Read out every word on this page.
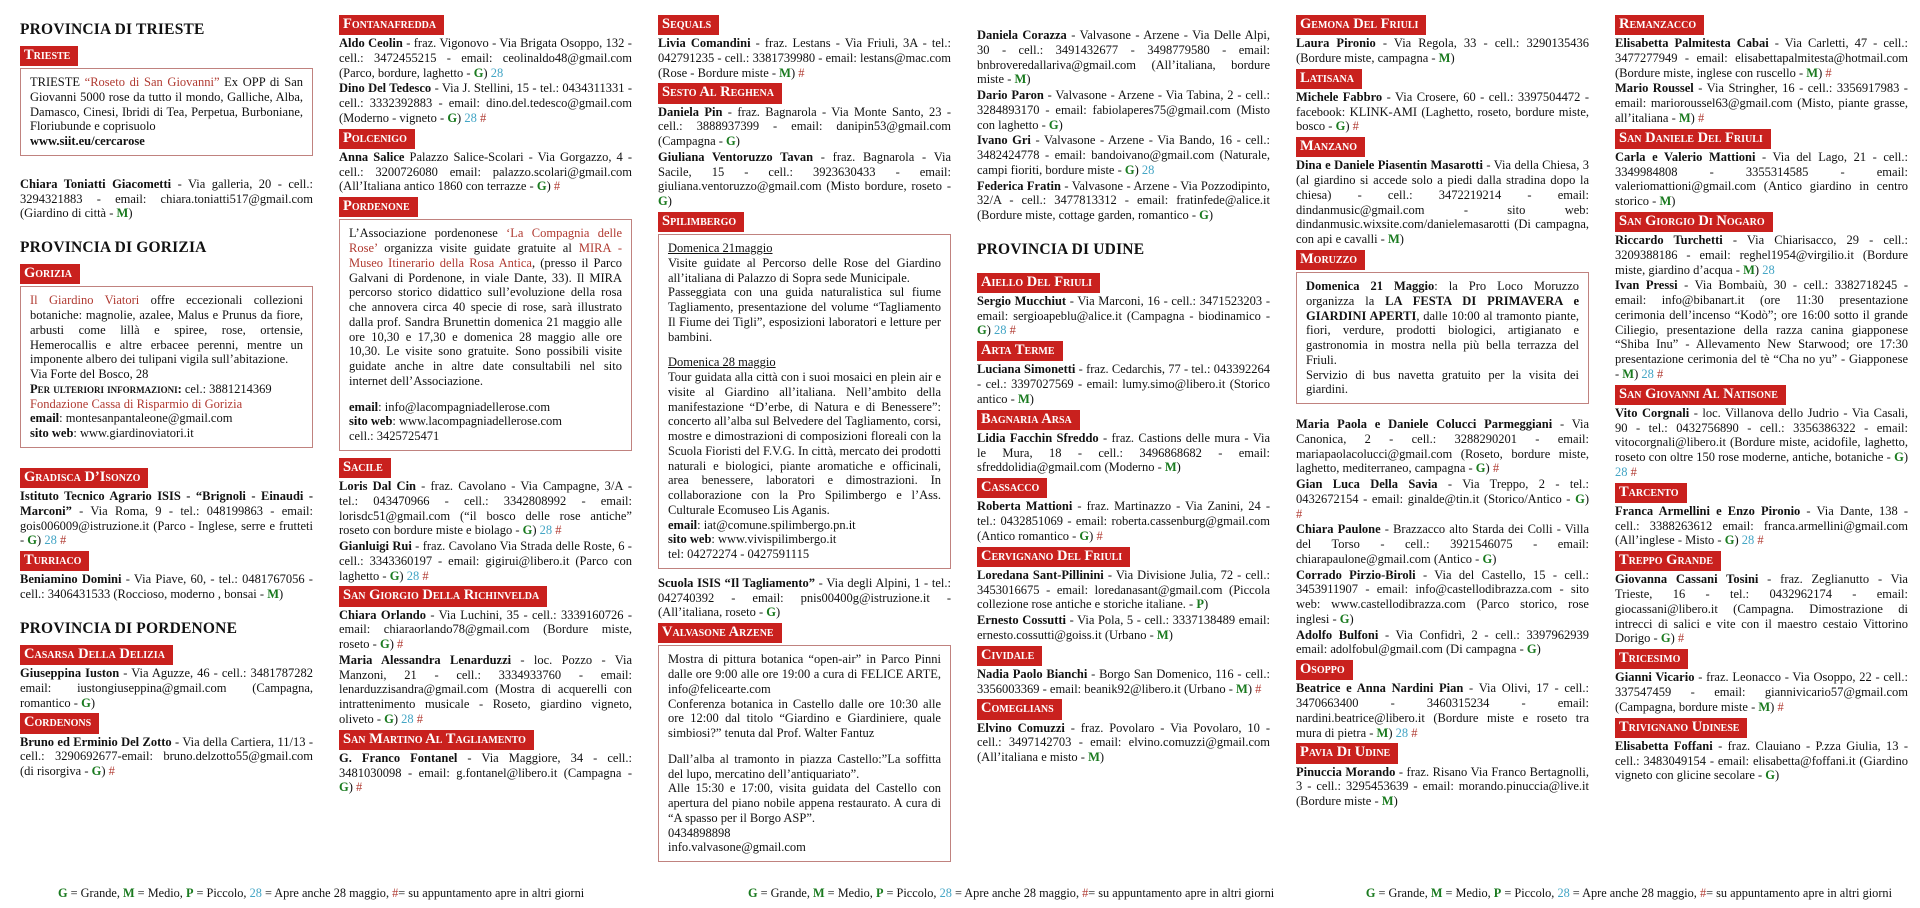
PROVINCIA DI TRIESTE
Trieste
TRIESTE “Roseto di San Giovanni” Ex OPP di San Giovanni 5000 rose da tutto il mondo, Galliche, Alba, Damasco, Cinesi, Ibridi di Tea, Perpetua, Burboniane, Floriubunde e coprisuolo
www.siit.eu/cercarose
Chiara Toniatti Giacometti - Via galleria, 20 - cell.: 3294321883 - email: chiara.toniatti517@gmail.com (Giardino di città - M)
PROVINCIA DI GORIZIA
Gorizia
Il Giardino Viatori offre eccezionali collezioni botaniche: magnolie, azalee, Malus e Prunus da fiore, arbusti come lillà e spiree, rose, ortensie, Hemerocallis e altre erbacee perenni, mentre un imponente albero dei tulipani vigila sull’abitazione.
Via Forte del Bosco, 28
Per ulteriori informazioni: cel.: 3881214369
Fondazione Cassa di Risparmio di Gorizia
email: montesanpantaleone@gmail.com
sito web: www.giardinoviatori.it
Gradisca D’Isonzo
Istituto Tecnico Agrario ISIS - “Brignoli - Einaudi - Marconi” - Via Roma, 9 - tel.: 048199863 - email: gois006009@istruzione.it (Parco - Inglese, serre e frutteti - G) 28 #
Turriaco
Beniamino Domini - Via Piave, 60, - tel.: 0481767056 - cell.: 3406431533 (Roccioso, moderno , bonsai - M)
PROVINCIA DI PORDENONE
Casarsa Della Delizia
Giuseppina Iuston - Via Aguzze, 46 - cell.: 3481787282 email: iustongiuseppina@gmail.com (Campagna, romantico - G)
Cordenons
Bruno ed Erminio Del Zotto - Via della Cartiera, 11/13 - cell.: 3290692677-email: bruno.delzotto55@gmail.com (di risorgiva - G) #
Fontanafredda
Aldo Ceolin - fraz. Vigonovo - Via Brigata Osoppo, 132 - cell.: 3472455215 - email: ceolinaldo48@gmail.com (Parco, bordure, laghetto - G) 28
Dino Del Tedesco - Via J. Stellini, 15 - tel.: 0434311331 - cell.: 3332392883 - email: dino.del.tedesco@gmail.com (Moderno - vigneto - G) 28 #
Polcenigo
Anna Salice Palazzo Salice-Scolari - Via Gorgazzo, 4 - cell.: 3200726080 email: palazzo.scolari@gmail.com (All’Italiana antico 1860 con terrazze - G) #
Pordenone
L’Associazione pordenonese ‘La Compagnia delle Rose’ organizza visite guidate gratuite al MIRA - Museo Itinerario della Rosa Antica, (presso il Parco Galvani di Pordenone, in viale Dante, 33). Il MIRA percorso storico didattico sull’evoluzione della rosa che annovera circa 40 specie di rose, sarà illustrato dalla prof. Sandra Brunettin domenica 21 maggio alle ore 10,30 e 17,30 e domenica 28 maggio alle ore 10,30. Le visite sono gratuite. Sono possibili visite guidate anche in altre date consultabili nel sito internet dell’Associazione.
email: info@lacompagniadellerose.com
sito web: www.lacompagniadellerose.com
cell.: 3425725471
Sacile
Loris Dal Cin - fraz. Cavolano - Via Campagne, 3/A - tel.: 043470966 - cell.: 3342808992 - email: lorisdc51@gmail.com (“il bosco delle rose antiche” roseto con bordure miste e biolago - G) 28 #
Gianluigi Rui - fraz. Cavolano Via Strada delle Roste, 6 - cell.: 3343360197 - email: gigirui@libero.it (Parco con laghetto - G) 28 #
San Giorgio Della Richinvelda
Chiara Orlando - Via Luchini, 35 - cell.: 3339160726 - email: chiaraorlando78@gmail.com (Bordure miste, roseto - G) #
Maria Alessandra Lenarduzzi - loc. Pozzo - Via Manzoni, 21 - cell.: 3334933760 - email: lenarduzzisandra@gmail.com (Mostra di acquerelli con intrattenimento musicale - Roseto, giardino vigneto, oliveto - G) 28 #
San Martino Al Tagliamento
G. Franco Fontanel - Via Maggiore, 34 - cell.: 3481030098 - email: g.fontanel@libero.it (Campagna - G) #
Sequals
Livia Comandini - fraz. Lestans - Via Friuli, 3A - tel.: 042791235 - cell.: 3381739980 - email: lestans@mac.com (Rose - Bordure miste - M) #
Sesto Al Reghena
Daniela Pin - fraz. Bagnarola - Via Monte Santo, 23 - cell.: 3888937399 - email: danipin53@gmail.com (Campagna - G)
Giuliana Ventoruzzo Tavan - fraz. Bagnarola - Via Sacile, 15 - cell.: 3923630433 - email: giuliana.ventoruzzo@gmail.com (Misto bordure, roseto - G)
Spilimbergo
Domenica 21maggio
Visite guidate al Percorso delle Rose del Giardino all’italiana di Palazzo di Sopra sede Municipale.
Passeggiata con una guida naturalistica sul fiume Tagliamento, presentazione del volume “Tagliamento Il Fiume dei Tigli”, esposizioni laboratori e letture per bambini.
Domenica 28 maggio
Tour guidata alla città con i suoi mosaici en plein air e visite al Giardino all’italiana. Nell’ambito della manifestazione “D’erbe, di Natura e di Benessere”: concerto all’alba sul Belvedere del Tagliamento, corsi, mostre e dimostrazioni di composizioni floreali con la Scuola Fioristi del F.V.G. In città, mercato dei prodotti naturali e biologici, piante aromatiche e officinali, area benessere, laboratori e dimostrazioni. In collaborazione con la Pro Spilimbergo e l’Ass. Culturale Ecomuseo Lis Aganis.
email: iat@comune.spilimbergo.pn.it
sito web: www.vivispilimbergo.it
tel: 04272274 - 0427591115
Scuola ISIS “Il Tagliamento” - Via degli Alpini, 1 - tel.: 042740392 - email: pnis00400g@istruzione.it - (All’italiana, roseto - G)
Valvasone Arzene
Mostra di pittura botanica “open-air” in Parco Pinni dalle ore 9:00 alle ore 19:00 a cura di FELICE ARTE, info@felicearte.com
Conferenza botanica in Castello dalle ore 10:30 alle ore 12:00 dal titolo “Giardino e Giardiniere, quale simbiosi?” tenuta dal Prof. Walter Fantuz
Dall’alba al tramonto in piazza Castello:”La soffitta del lupo, mercatino dell’antiquariato”.
Alle 15:30 e 17:00, visita guidata del Castello con apertura del piano nobile appena restaurato. A cura di “A spasso per il Borgo ASP”.
0434898898
info.valvasone@gmail.com
Daniela Corazza - Valvasone - Arzene - Via Delle Alpi, 30 - cell.: 3491432677 - 3498779580 - email: bnbroveredallariva@gmail.com (All’italiana, bordure miste - M)
Dario Paron - Valvasone - Arzene - Via Tabina, 2 - cell.: 3284893170 - email: fabiolaperes75@gmail.com (Misto con laghetto - G)
Ivano Gri - Valvasone - Arzene - Via Bando, 16 - cell.: 3482424778 - email: bandoivano@gmail.com (Naturale, campi fioriti, bordure miste - G) 28
Federica Fratin - Valvasone - Arzene - Via Pozzodipinto, 32/A - cell.: 3477813312 - email: fratinfede@alice.it (Bordure miste, cottage garden, romantico - G)
PROVINCIA DI UDINE
Aiello Del Friuli
Sergio Mucchiut - Via Marconi, 16 - cell.: 3471523203 - email: sergioapeblu@alice.it (Campagna - biodinamico - G) 28 #
Arta Terme
Luciana Simonetti - fraz. Cedarchis, 77 - tel.: 043392264 - cel.: 3397027569 - email: lumy.simo@libero.it (Storico antico - M)
Bagnaria Arsa
Lidia Facchin Sfreddo - fraz. Castions delle mura - Via le Mura, 18 - cell.: 3496868682 - email: sfreddolidia@gmail.com (Moderno - M)
Cassacco
Roberta Mattioni - fraz. Martinazzo - Via Zanini, 24 - tel.: 0432851069 - email: roberta.cassenburg@gmail.com (Antico romantico - G) #
Cervignano Del Friuli
Loredana Sant-Pillinini - Via Divisione Julia, 72 - cell.: 3453016675 - email: loredanasant@gmail.com (Piccola collezione rose antiche e storiche italiane. - P)
Ernesto Cossutti - Via Pola, 5 - cell.: 3337138489 email: ernesto.cossutti@goiss.it (Urbano - M)
Cividale
Nadia Paolo Bianchi - Borgo San Domenico, 116 - cell.: 3356003369 - email: beanik92@libero.it (Urbano - M) #
Comeglians
Elvino Comuzzi - fraz. Povolaro - Via Povolaro, 10 - cell.: 3497142703 - email: elvino.comuzzi@gmail.com (All’italiana e misto - M)
Gemona Del Friuli
Laura Pironio - Via Regola, 33 - cell.: 3290135436 (Bordure miste, campagna - M)
Latisana
Michele Fabbro - Via Crosere, 60 - cell.: 3397504472 - facebook: KLINK-AMI (Laghetto, roseto, bordure miste, bosco - G) #
Manzano
Dina e Daniele Piasentin Masarotti - Via della Chiesa, 3 (al giardino si accede solo a piedi dalla stradina dopo la chiesa) - cell.: 3472219214 - email: dindanmusic@gmail.com - sito web: dindanmusic.wixsite.com/danielemasarotti (Di campagna, con api e cavalli - M)
Moruzzo
Domenica 21 Maggio: la Pro Loco Moruzzo organizza la LA FESTA DI PRIMAVERA e GIARDINI APERTI, dalle 10:00 al tramonto piante, fiori, verdure, prodotti biologici, artigianato e gastronomia in mostra nella più bella terrazza del Friuli.
Servizio di bus navetta gratuito per la visita dei giardini.
Maria Paola e Daniele Colucci Parmeggiani - Via Canonica, 2 - cell.: 3288290201 - email: mariapaolacolucci@gmail.com (Roseto, bordure miste, laghetto, mediterraneo, campagna - G) #
Gian Luca Della Savia - Via Treppo, 2 - tel.: 0432672154 - email: ginalde@tin.it (Storico/Antico - G) #
Chiara Paulone - Brazzacco alto Starda dei Colli - Villa del Torso - cell.: 3921546075 - email: chiarapaulone@gmail.com (Antico - G)
Corrado Pirzio-Biroli - Via del Castello, 15 - cell.: 3453911907 - email: info@castellodibrazza.com - sito web: www.castellodibrazza.com (Parco storico, rose inglesi - G)
Adolfo Bulfoni - Via Confidrì, 2 - cell.: 3397962939 email: adolfobul@gmail.com (Di campagna - G)
Osoppo
Beatrice e Anna Nardini Pian - Via Olivi, 17 - cell.: 3470663400 - 3460315234 - email: nardini.beatrice@libero.it (Bordure miste e roseto tra mura di pietra - M) 28 #
Pavia Di Udine
Pinuccia Morando - fraz. Risano Via Franco Bertagnolli, 3 - cell.: 3295453639 - email: morando.pinuccia@live.it (Bordure miste - M)
Remanzacco
Elisabetta Palmitesta Cabai - Via Carletti, 47 - cell.: 3477277949 - email: elisabettapalmitesta@hotmail.com (Bordure miste, inglese con ruscello - M) #
Mario Roussel - Via Stringher, 16 - cell.: 3356917983 - email: marioroussel63@gmail.com (Misto, piante grasse, all’italiana - M) #
San Daniele Del Friuli
Carla e Valerio Mattioni - Via del Lago, 21 - cell.: 3349984808 - 3355314585 - email: valeriomattioni@gmail.com (Antico giardino in centro storico - M)
San Giorgio Di Nogaro
Riccardo Turchetti - Via Chiarisacco, 29 - cell.: 3209388186 - email: reghel1954@virgilio.it (Bordure miste, giardino d’acqua - M) 28
Ivan Pressi - Via Bombaiù, 30 - cell.: 3382718245 - email: info@bibanart.it (ore 11:30 presentazione cerimonia dell’incenso “Kodò”; ore 16:00 sotto il grande Ciliegio, presentazione della razza canina giapponese “Shiba Inu” - Allevamento New Starwood; ore 17:30 presentazione cerimonia del tè “Cha no yu” - Giapponese - M) 28 #
San Giovanni Al Natisone
Vito Corgnali - loc. Villanova dello Judrio - Via Casali, 90 - tel.: 0432756890 - cell.: 3356386322 - email: vitocorgnali@libero.it (Bordure miste, acidofile, laghetto, roseto con oltre 150 rose moderne, antiche, botaniche - G) 28 #
Tarcento
Franca Armellini e Enzo Pironio - Via Dante, 138 - cell.: 3388263612 email: franca.armellini@gmail.com (All’inglese - Misto - G) 28 #
Treppo Grande
Giovanna Cassani Tosini - fraz. Zeglianutto - Via Trieste, 16 - tel.: 0432962174 - email: giocassani@libero.it (Campagna. Dimostrazione di intrecci di salici e vite con il maestro cestaio Vittorino Dorigo - G) #
Tricesimo
Gianni Vicario - fraz. Leonacco - Via Osoppo, 22 - cell.: 337547459 - email: giannivicario57@gmail.com (Campagna, bordure miste - M) #
Trivignano Udinese
Elisabetta Foffani - fraz. Clauiano - P.zza Giulia, 13 - cell.: 3483049154 - email: elisabetta@foffani.it (Giardino vigneto con glicine secolare - G)
G = Grande, M = Medio, P = Piccolo, 28 = Apre anche 28 maggio, #= su appuntamento apre in altri giorni	G = Grande, M = Medio, P = Piccolo, 28 = Apre anche 28 maggio, #= su appuntamento apre in altri giorni	G = Grande, M = Medio, P = Piccolo, 28 = Apre anche 28 maggio, #= su appuntamento apre in altri giorni
